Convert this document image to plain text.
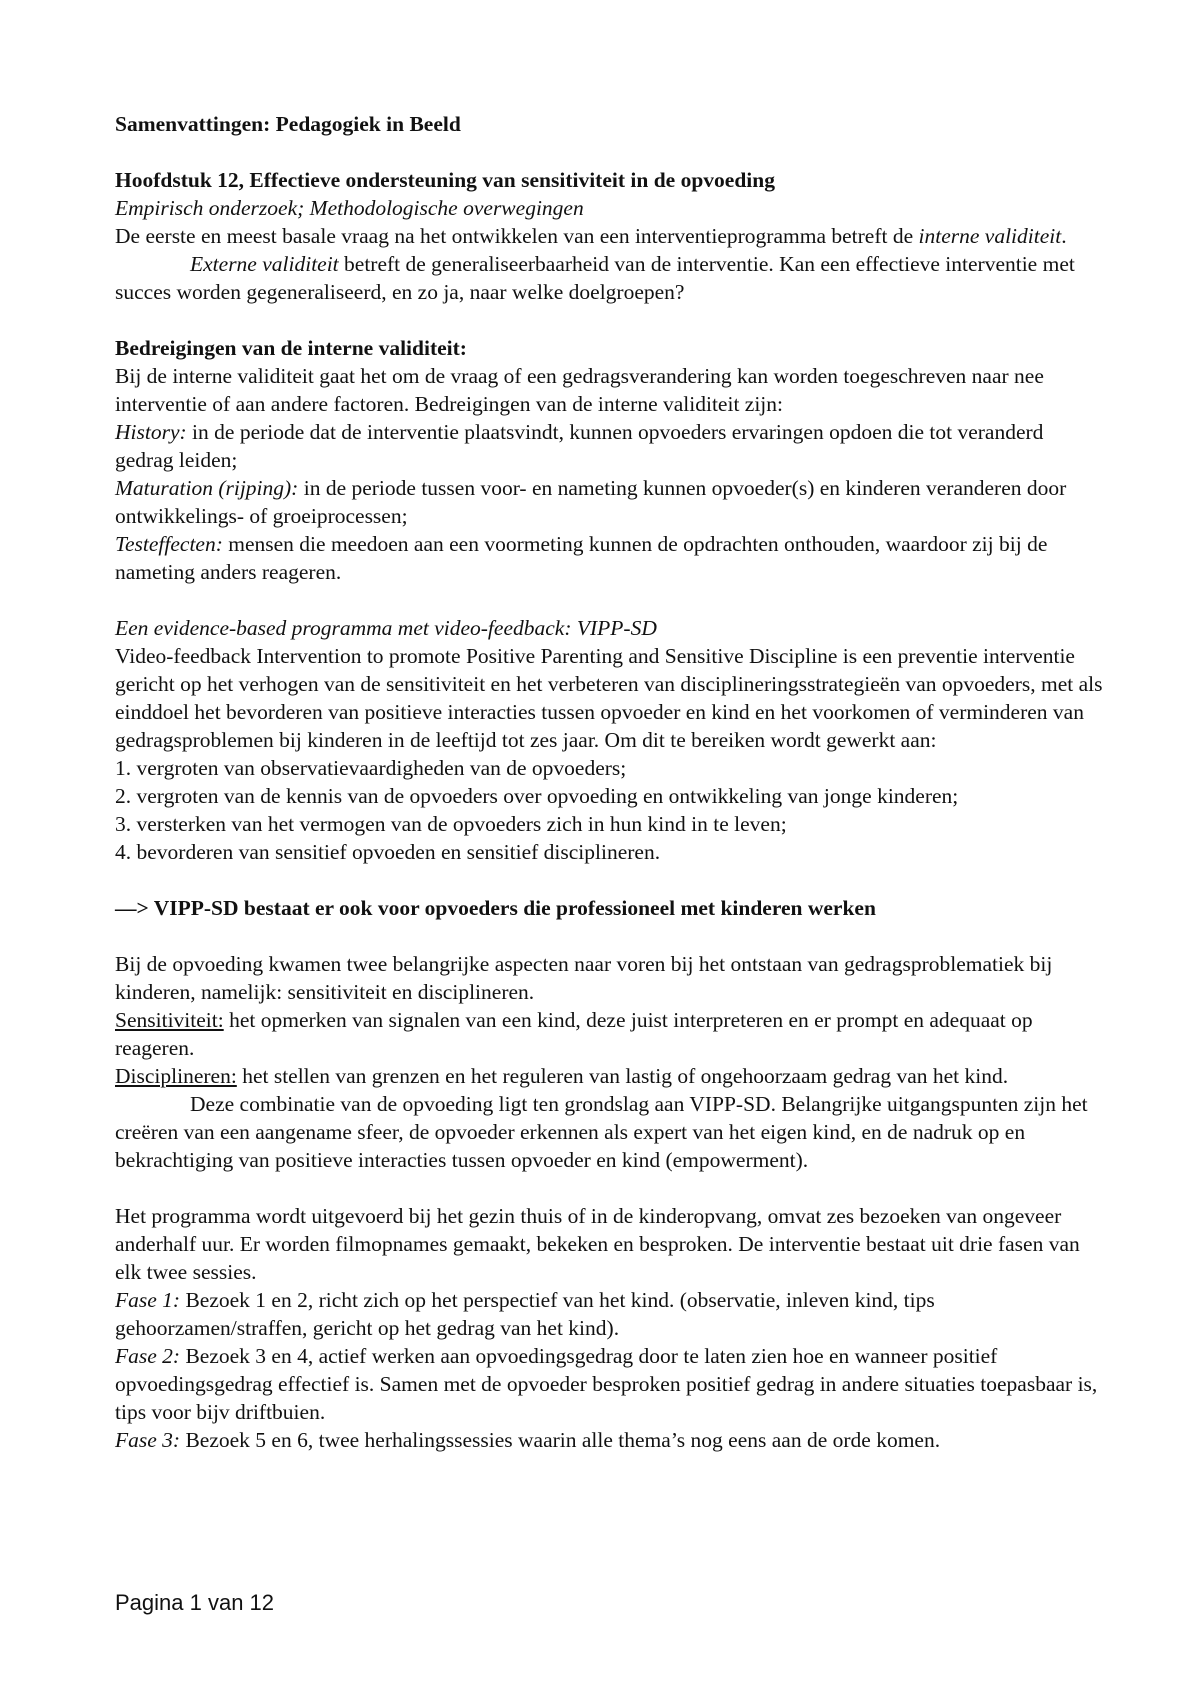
Samenvattingen: Pedagogiek in Beeld

Hoofdstuk 12, Effectieve ondersteuning van sensitiviteit in de opvoeding

Empirisch onderzoek; Methodologische overwegingen

De eerste en meest basale vraag na het ontwikkelen van een interventieprogramma betreft de interne validiteit.

Externe validiteit betreft de generaliseerbaarheid van de interventie. Kan een effectieve interventie met succes worden gegeneraliseerd, en zo ja, naar welke doelgroepen?

Bedreigingen van de interne validiteit:

Bij de interne validiteit gaat het om de vraag of een gedragsverandering kan worden toegeschreven naar nee interventie of aan andere factoren. Bedreigingen van de interne validiteit zijn:

History: in de periode dat de interventie plaatsvindt, kunnen opvoeders ervaringen opdoen die tot veranderd gedrag leiden;

Maturation (rijping): in de periode tussen voor- en nameting kunnen opvoeder(s) en kinderen veranderen door ontwikkelings- of groeiprocessen;

Testeffecten: mensen die meedoen aan een voormeting kunnen de opdrachten onthouden, waardoor zij bij de nameting anders reageren.

Een evidence-based programma met video-feedback: VIPP-SD

Video-feedback Intervention to promote Positive Parenting and Sensitive Discipline is een preventie interventie gericht op het verhogen van de sensitiviteit en het verbeteren van disciplineringsstrategieën van opvoeders, met als einddoel het bevorderen van positieve interacties tussen opvoeder en kind en het voorkomen of verminderen van gedragsproblemen bij kinderen in de leeftijd tot zes jaar. Om dit te bereiken wordt gewerkt aan:

1. vergroten van observatievaardigheden van de opvoeders;

2. vergroten van de kennis van de opvoeders over opvoeding en ontwikkeling van jonge kinderen;

3. versterken van het vermogen van de opvoeders zich in hun kind in te leven;

4. bevorderen van sensitief opvoeden en sensitief disciplineren.

—> VIPP-SD bestaat er ook voor opvoeders die professioneel met kinderen werken

Bij de opvoeding kwamen twee belangrijke aspecten naar voren bij het ontstaan van gedragsproblematiek bij kinderen, namelijk: sensitiviteit en disciplineren.

Sensitiviteit: het opmerken van signalen van een kind, deze juist interpreteren en er prompt en adequaat op reageren.

Disciplineren: het stellen van grenzen en het reguleren van lastig of ongehoorzaam gedrag van het kind.

Deze combinatie van de opvoeding ligt ten grondslag aan VIPP-SD. Belangrijke uitgangspunten zijn het creëren van een aangename sfeer, de opvoeder erkennen als expert van het eigen kind, en de nadruk op en bekrachtiging van positieve interacties tussen opvoeder en kind (empowerment).

Het programma wordt uitgevoerd bij het gezin thuis of in de kinderopvang, omvat zes bezoeken van ongeveer anderhalf uur. Er worden filmopnames gemaakt, bekeken en besproken. De interventie bestaat uit drie fasen van elk twee sessies.

Fase 1: Bezoek 1 en 2, richt zich op het perspectief van het kind. (observatie, inleven kind, tips gehoorzamen/straffen, gericht op het gedrag van het kind).

Fase 2: Bezoek 3 en 4, actief werken aan opvoedingsgedrag door te laten zien hoe en wanneer positief opvoedingsgedrag effectief is. Samen met de opvoeder besproken positief gedrag in andere situaties toepasbaar is, tips voor bijv driftbuien.

Fase 3: Bezoek 5 en 6, twee herhalingssessies waarin alle thema’s nog eens aan de orde komen.

Pagina 1 van 12
